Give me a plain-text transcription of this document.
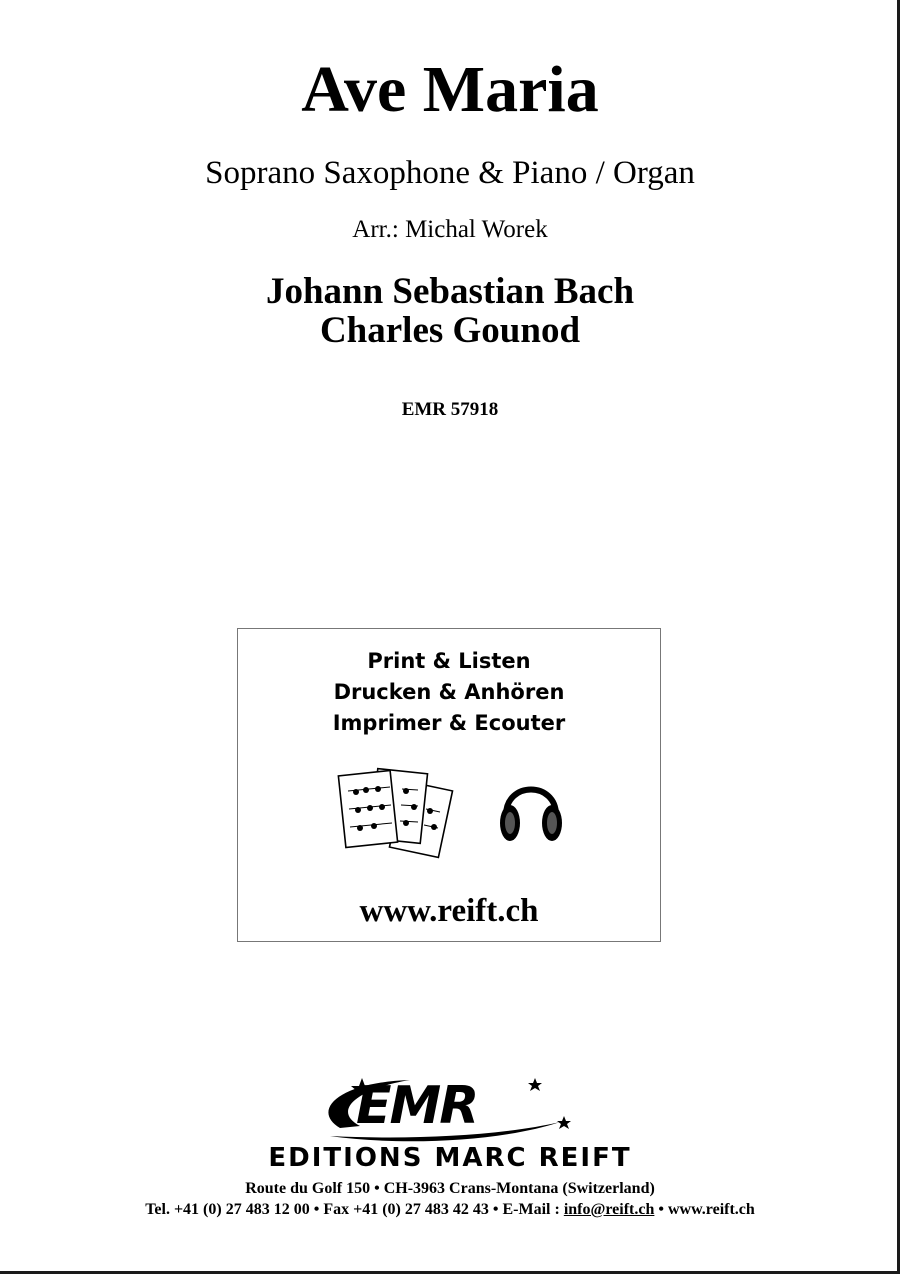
Ave Maria
Soprano Saxophone & Piano / Organ
Arr.: Michal Worek
Johann Sebastian Bach
Charles Gounod
EMR 57918
Print & Listen
Drucken & Anhören
Imprimer & Ecouter
www.reift.ch
EMR
EDITIONS MARC REIFT
Route du Golf 150 • CH-3963 Crans-Montana (Switzerland)
Tel. +41 (0) 27 483 12 00 • Fax +41 (0) 27 483 42 43 • E-Mail : info@reift.ch • www.reift.ch
